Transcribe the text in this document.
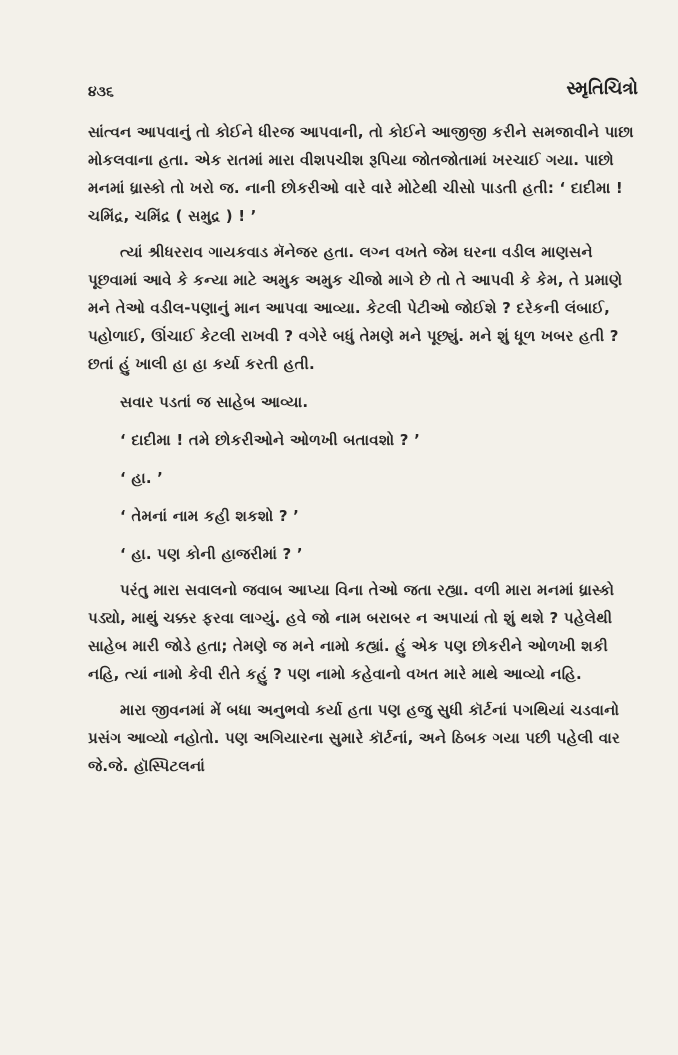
૪૩૬	સ્મૃતિચિત્રો

સાંત્વન આપવાનું તો કોઈને ધીરજ આપવાની, તો કોઈને આજીજી કરીને સમજાવીને પાછા મોકલવાના હતા. એક રાતમાં મારા વીશપચીશ રૂપિયા જોતજોતામાં ખરચાઈ ગયા. પાછો મનમાં ધ્રાસ્કો તો ખરો જ. નાની છોકરીઓ વારે વારે મોટેથી ચીસો પાડતી હતી: ‘ દાદીમા ! ચમિંદ્ર, ચમિંદ્ર ( સમુદ્ર ) ! ’

ત્યાં શ્રીધરરાવ ગાયકવાડ મૅનેજર હતા. લગ્ન વખતે જેમ ઘરના વડીલ માણસને પૂછવામાં આવે કે કન્યા માટે અમુક અમુક ચીજો માગે છે તો તે આપવી કે કેમ, તે પ્રમાણે મને તેઓ વડીલ-પણાનું માન આપવા આવ્યા. કેટલી પેટીઓ જોઈશે ? દરેકની લંબાઈ, પહોળાઈ, ઊંચાઈ કેટલી રાખવી ? વગેરે બધું તેમણે મને પૂછ્યું. મને શું ધૂળ ખબર હતી ? છતાં હું ખાલી હા હા કર્યા કરતી હતી.

સવાર પડતાં જ સાહેબ આવ્યા.

‘ દાદીમા ! તમે છોકરીઓને ઓળખી બતાવશો ? ’

‘ હા. ’

‘ તેમનાં નામ કહી શકશો ? ’

‘ હા. પણ કોની હાજરીમાં ? ’

પરંતુ મારા સવાલનો જવાબ આપ્યા વિના તેઓ જતા રહ્યા. વળી મારા મનમાં ધ્રાસ્કો પડ્યો, માથું ચક્કર ફરવા લાગ્યું. હવે જો નામ બરાબર ન અપાયાં તો શું થશે ? પહેલેથી સાહેબ મારી જોડે હતા; તેમણે જ મને નામો કહ્યાં. હું એક પણ છોકરીને ઓળખી શકી નહિ, ત્યાં નામો કેવી રીતે કહું ? પણ નામો કહેવાનો વખત મારે માથે આવ્યો નહિ.

મારા જીવનમાં મેં બધા અનુભવો કર્યા હતા પણ હજુ સુધી કૉર્ટનાં પગથિયાં ચડવાનો પ્રસંગ આવ્યો નહોતો. પણ અગિયારના સુમારે કૉર્ટનાં, અને ઠિબક ગયા પછી પહેલી વાર જે.જે. હૉસ્પિટલનાં
